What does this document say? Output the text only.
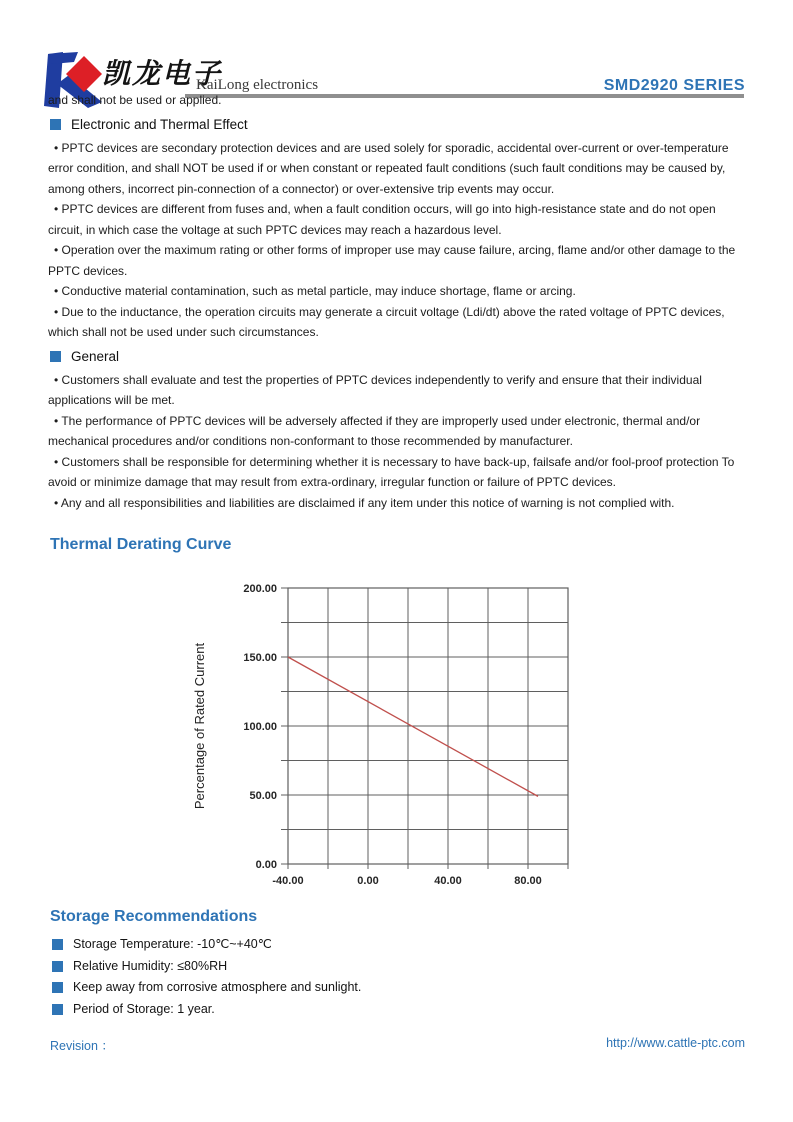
凯龙电子
KaiLong electronics	SMD2920 SERIES

and shall not be used or applied.

Electronic and Thermal Effect

• PPTC devices are secondary protection devices and are used solely for sporadic, accidental over-current or over-temperature error condition, and shall NOT be used if or when constant or repeated fault conditions (such fault conditions may be caused by, among others, incorrect pin-connection of a connector) or over-extensive trip events may occur.

• PPTC devices are different from fuses and, when a fault condition occurs, will go into high-resistance state and do not open circuit, in which case the voltage at such PPTC devices may reach a hazardous level.

• Operation over the maximum rating or other forms of improper use may cause failure, arcing, flame and/or other damage to the PPTC devices.

• Conductive material contamination, such as metal particle, may induce shortage, flame or arcing.

• Due to the inductance, the operation circuits may generate a circuit voltage (Ldi/dt) above the rated voltage of PPTC devices, which shall not be used under such circumstances.

General

• Customers shall evaluate and test the properties of PPTC devices independently to verify and ensure that their individual applications will be met.

• The performance of PPTC devices will be adversely affected if they are improperly used under electronic, thermal and/or mechanical procedures and/or conditions non-conformant to those recommended by manufacturer.

• Customers shall be responsible for determining whether it is necessary to have back-up, failsafe and/or fool-proof protection To avoid or minimize damage that may result from extra-ordinary, irregular function or failure of PPTC devices.

• Any and all responsibilities and liabilities are disclaimed if any item under this notice of warning is not complied with.

Thermal Derating Curve
0.00
50.00
100.00
150.00
200.00
-40.00	0.00	40.00	80.00
Percentage of Rated Current
Storage Recommendations
Storage Temperature: -10℃~+40℃
Relative Humidity: ≤80%RH
Keep away from corrosive atmosphere and sunlight.
Period of Storage: 1 year.
Revision ：	http://www.cattle-ptc.com
